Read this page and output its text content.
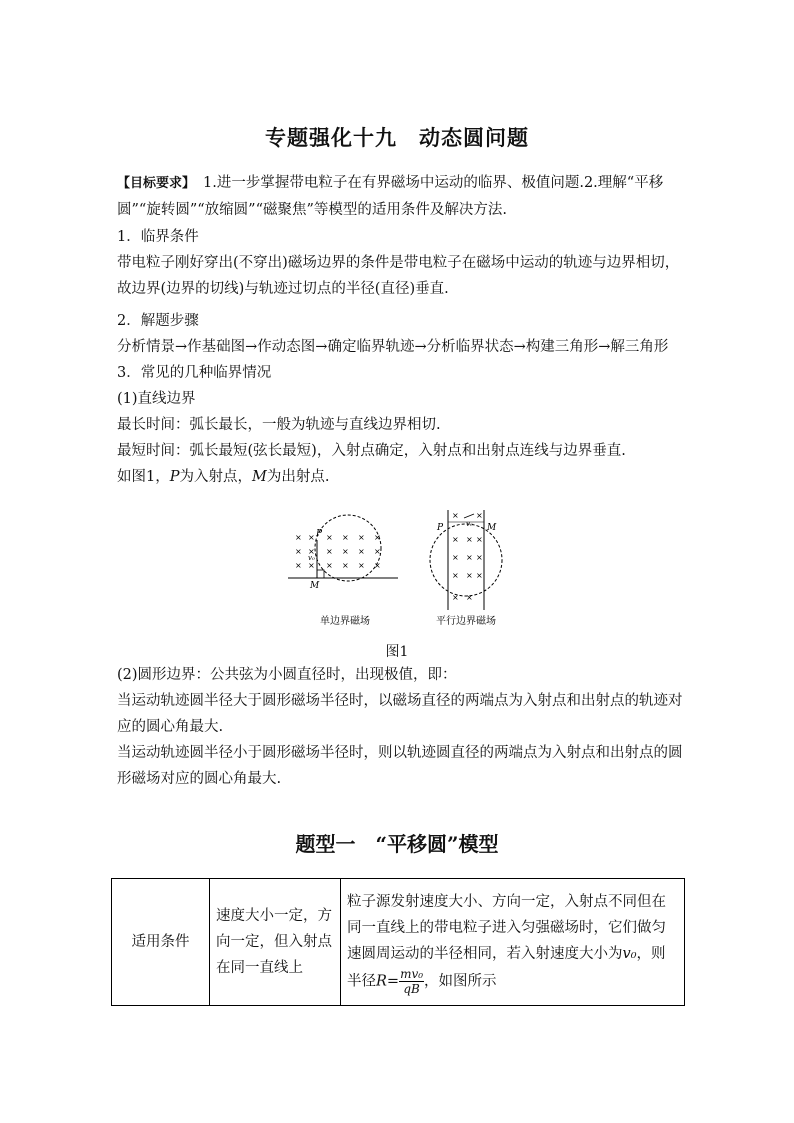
专题强化十九　动态圆问题

【目标要求】　 1.进一步掌握带电粒子在有界磁场中运动的临界、极值问题.2.理解“平移圆”“旋转圆”“放缩圆”“磁聚焦”等模型的适用条件及解决方法.

1．临界条件

带电粒子刚好穿出(不穿出)磁场边界的条件是带电粒子在磁场中运动的轨迹与边界相切，故边界(边界的切线)与轨迹过切点的半径(直径)垂直.

2．解题步骤

分析情景→作基础图→作动态图→确定临界轨迹→分析临界状态→构建三角形→解三角形

3．常见的几种临界情况

(1)直线边界

最长时间：弧长最长，一般为轨迹与直线边界相切.

最短时间：弧长最短(弦长最短)，入射点确定，入射点和出射点连线与边界垂直.

如图1，P为入射点，M为出射点.

× × × × × ×
× × × × × ×
× × × × × ×
P
M
v₀
单边界磁场
× ×
× × ×
× × ×
× × ×
× ×
P	M
v₀
平行边界磁场
图1

(2)圆形边界：公共弦为小圆直径时，出现极值，即：

当运动轨迹圆半径大于圆形磁场半径时，以磁场直径的两端点为入射点和出射点的轨迹对应的圆心角最大.

当运动轨迹圆半径小于圆形磁场半径时，则以轨迹圆直径的两端点为入射点和出射点的圆形磁场对应的圆心角最大.

题型一　“平移圆”模型
适用条件	速度大小一定，方向一定，但入射点在同一直线上	粒子源发射速度大小、方向一定，入射点不同但在同一直线上的带电粒子进入匀强磁场时，它们做匀速圆周运动的半径相同，若入射速度大小为v₀，则半径$R= \frac{\text{mv₀}}{qB}$ ，如图所示
